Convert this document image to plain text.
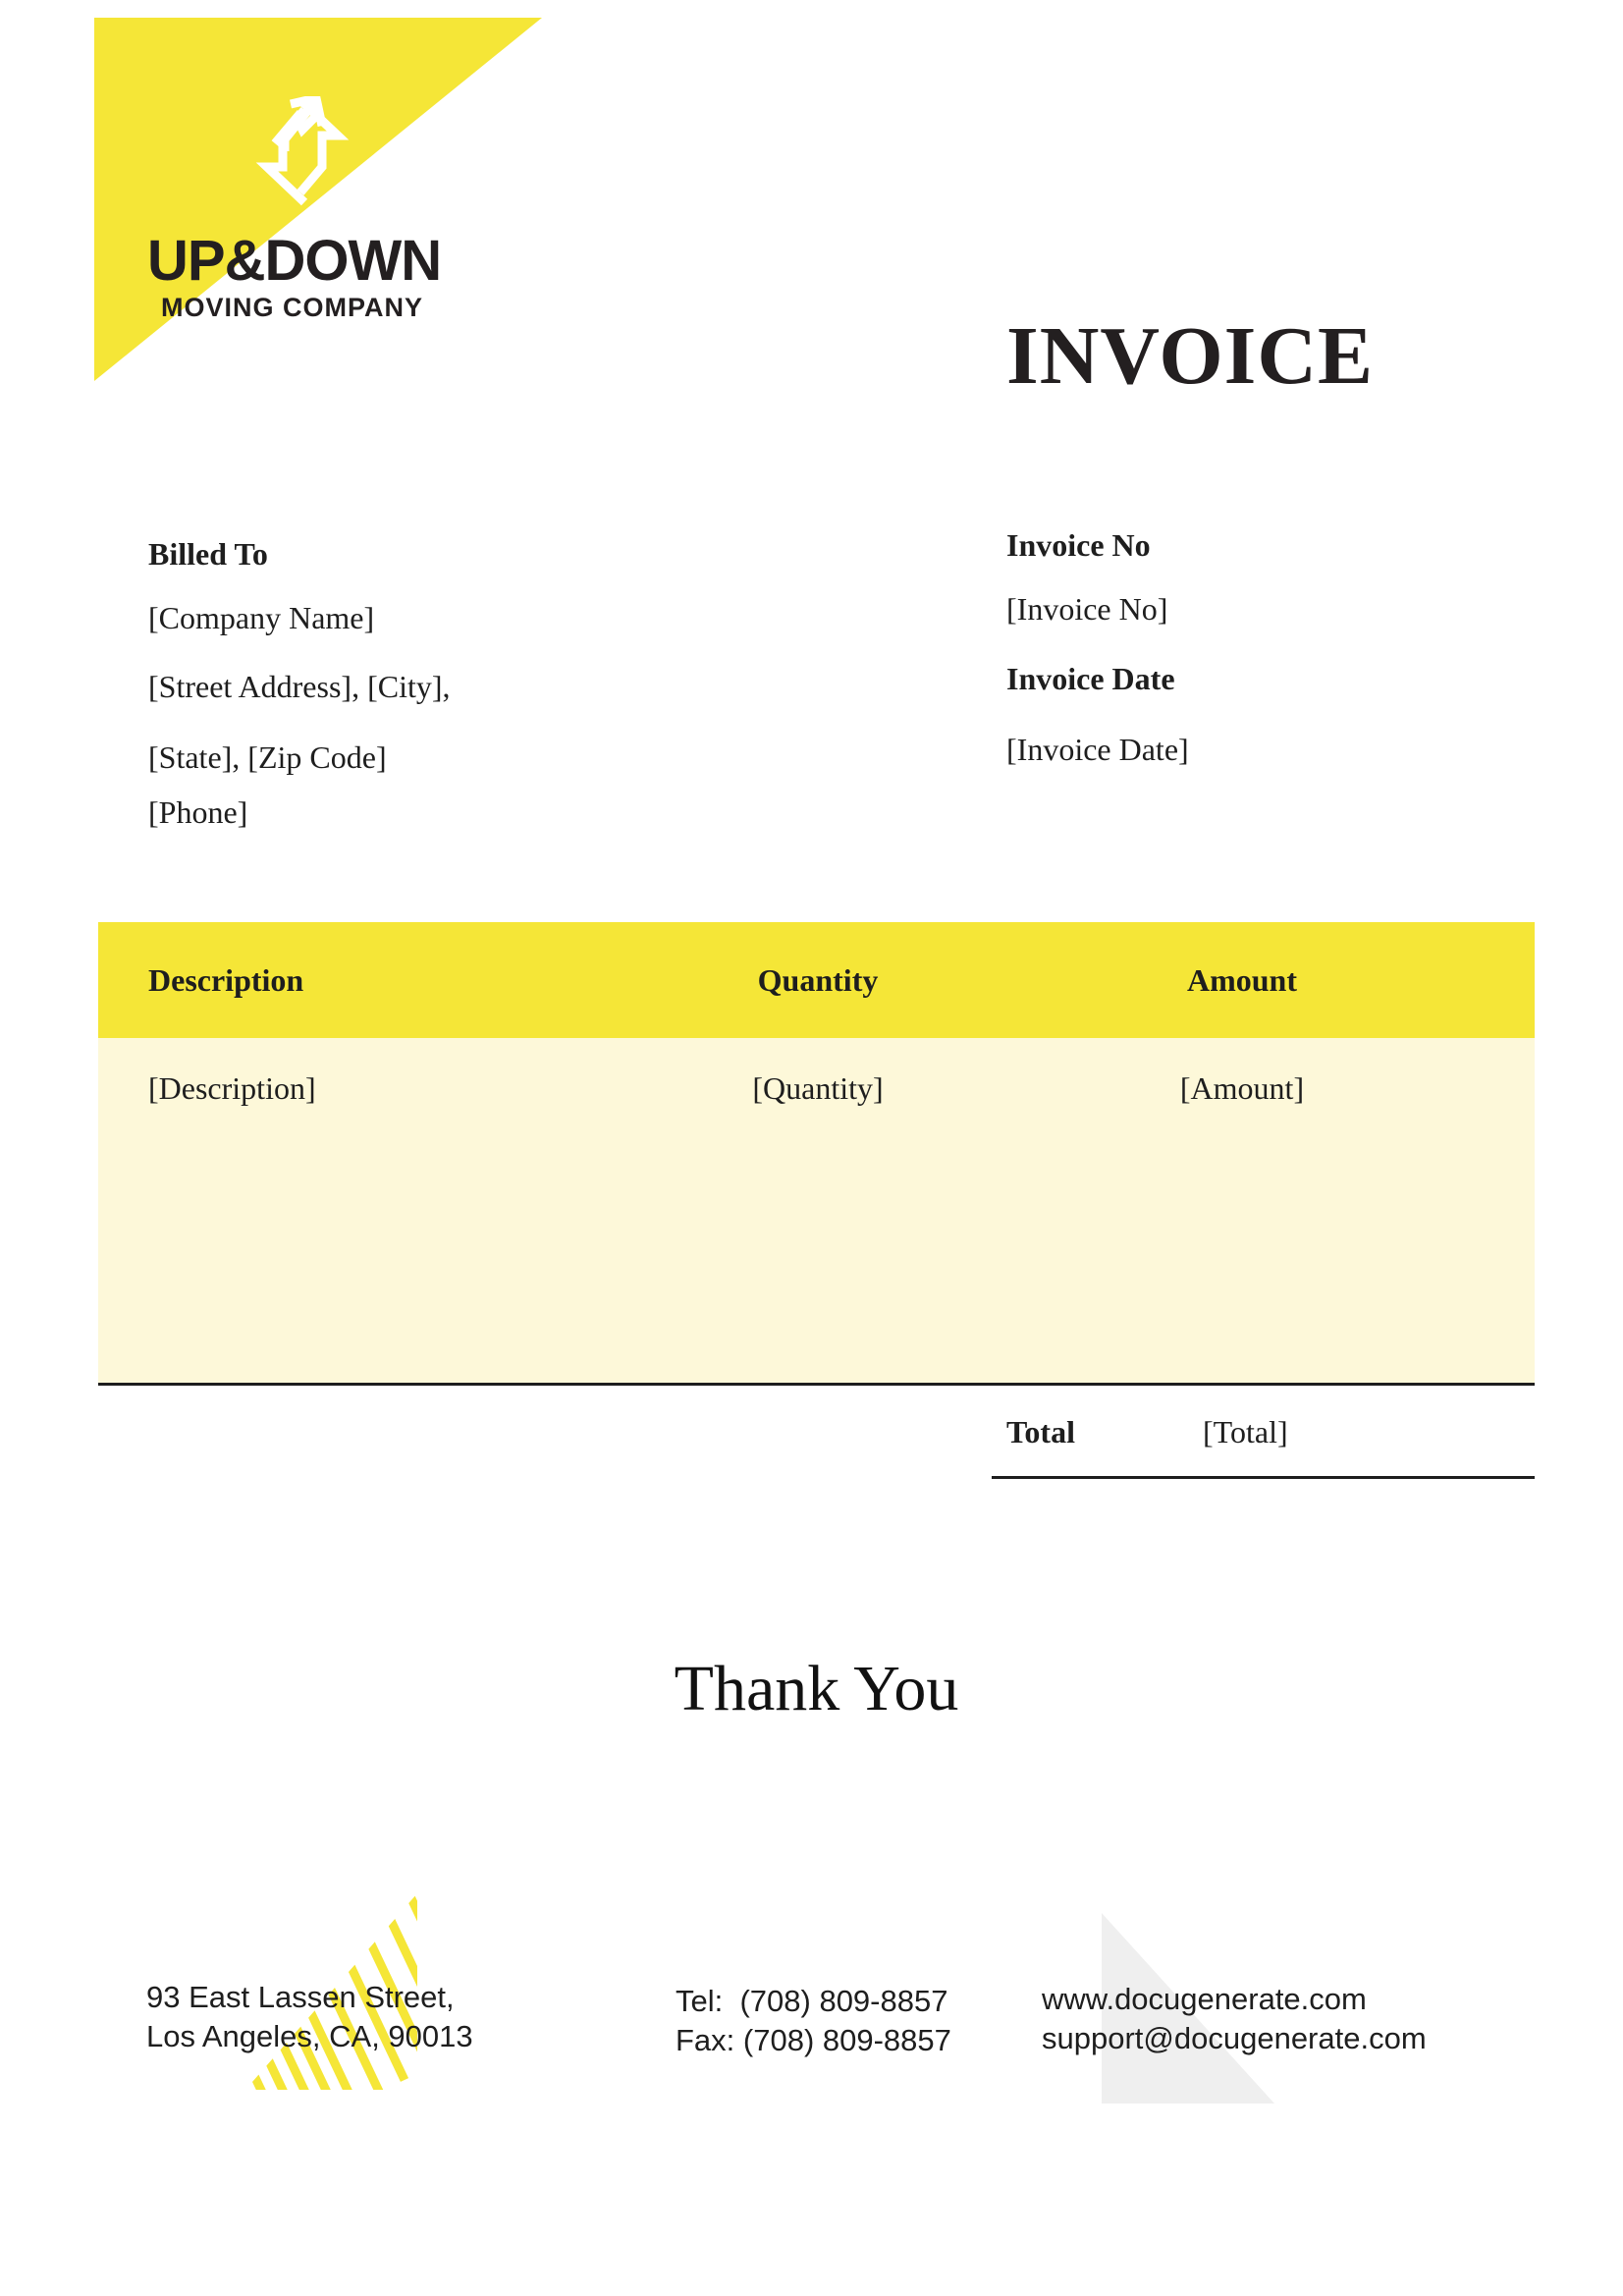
UP&DOWN
MOVING COMPANY
INVOICE
Billed To
[Company Name]
[Street Address], [City],
[State], [Zip Code]
[Phone]
Invoice No
[Invoice No]
Invoice Date
[Invoice Date]
Description	Quantity	Amount
[Description]	[Quantity]	[Amount]
Total	[Total]
Thank You
93 East Lassen Street,
Los Angeles, CA, 90013
Tel:  (708) 809-8857
Fax: (708) 809-8857
www.docugenerate.com
support@docugenerate.com
